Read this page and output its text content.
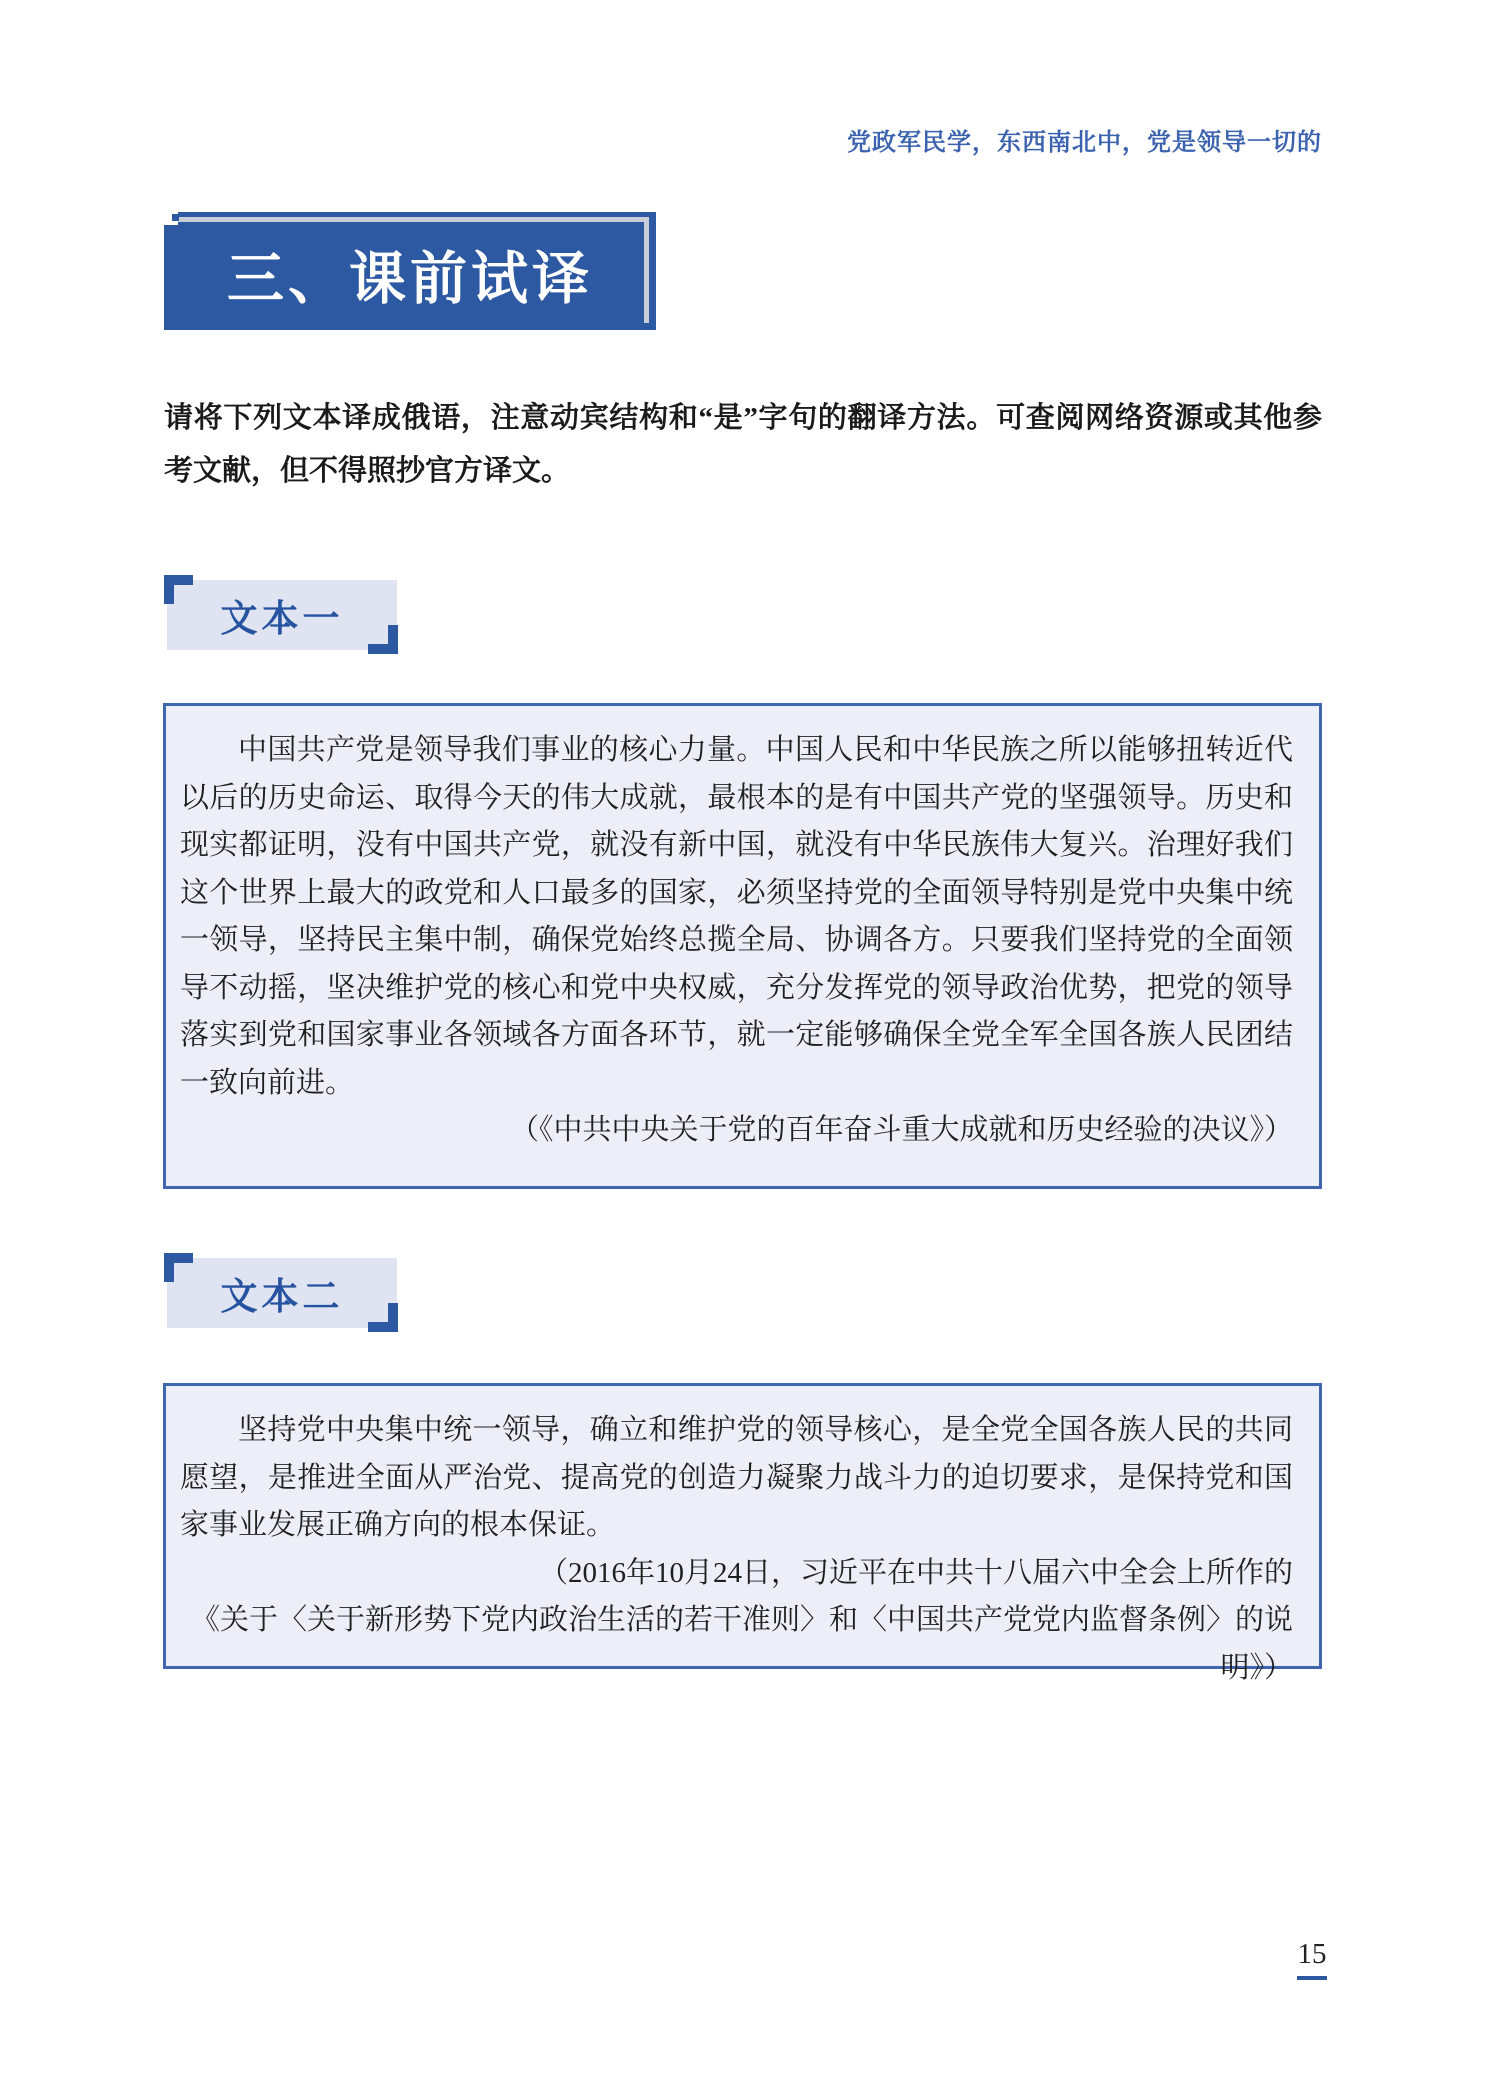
党政军民学，东西南北中，党是领导一切的
三、课前试译
请将下列文本译成俄语，注意动宾结构和“是”字句的翻译方法。可查阅网络资源或其他参考文献，但不得照抄官方译文。
文本一

中国共产党是领导我们事业的核心力量。中国人民和中华民族之所以能够扭转近代以后的历史命运、取得今天的伟大成就，最根本的是有中国共产党的坚强领导。历史和现实都证明，没有中国共产党，就没有新中国，就没有中华民族伟大复兴。治理好我们这个世界上最大的政党和人口最多的国家，必须坚持党的全面领导特别是党中央集中统一领导，坚持民主集中制，确保党始终总揽全局、协调各方。只要我们坚持党的全面领导不动摇，坚决维护党的核心和党中央权威，充分发挥党的领导政治优势，把党的领导落实到党和国家事业各领域各方面各环节，就一定能够确保全党全军全国各族人民团结一致向前进。

（《中共中央关于党的百年奋斗重大成就和历史经验的决议》）

文本二

坚持党中央集中统一领导，确立和维护党的领导核心，是全党全国各族人民的共同愿望，是推进全面从严治党、提高党的创造力凝聚力战斗力的迫切要求，是保持党和国家事业发展正确方向的根本保证。

（2016年10月24日，习近平在中共十八届六中全会上所作的

《关于〈关于新形势下党内政治生活的若干准则〉和〈中国共产党党内监督条例〉的说明》）

15
